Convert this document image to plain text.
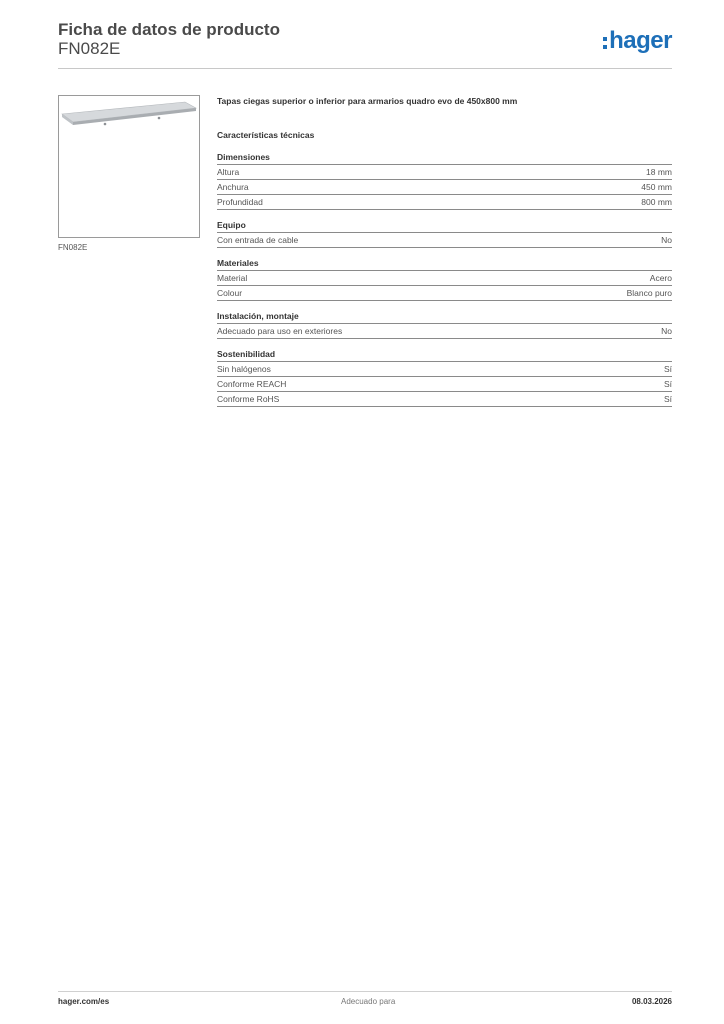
Ficha de datos de producto
FN082E	hager
FN082E
Tapas ciegas superior o inferior para armarios quadro evo de 450x800 mm
Características técnicas
Dimensiones
Altura	18 mm
Anchura	450 mm
Profundidad	800 mm
Equipo
Con entrada de cable	No
Materiales
Material	Acero
Colour	Blanco puro
Instalación, montaje
Adecuado para uso en exteriores	No
Sostenibilidad
Sin halógenos	Sí
Conforme REACH	Sí
Conforme RoHS	Sí
hager.com/es	Adecuado para	08.03.2026
